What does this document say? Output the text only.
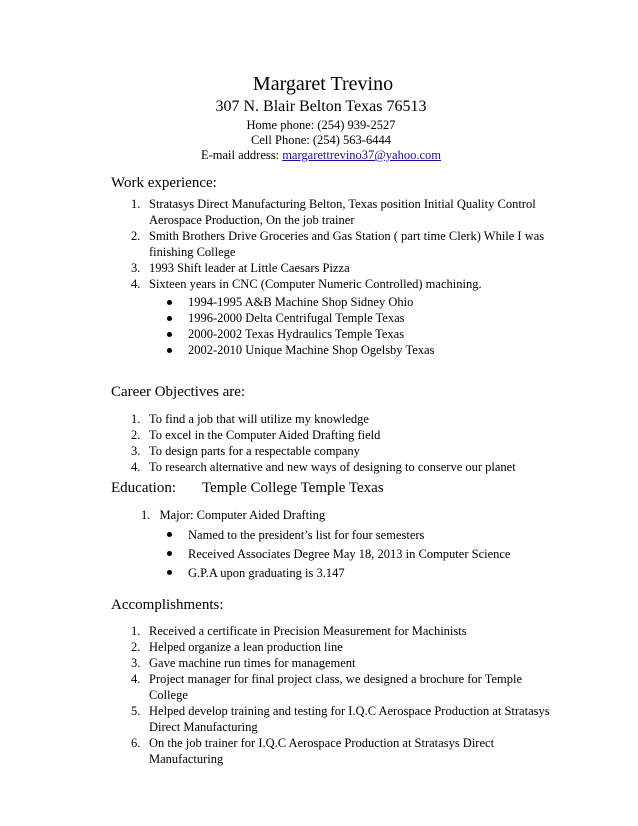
Margaret Trevino
307 N. Blair Belton Texas 76513
Home phone: (254) 939-2527
Cell Phone: (254) 563-6444
E-mail address: margarettrevino37@yahoo.com
Work experience:
1. Stratasys Direct Manufacturing Belton, Texas position Initial Quality Control Aerospace Production, On the job trainer
2. Smith Brothers Drive Groceries and Gas Station ( part time Clerk) While I was finishing College
3. 1993 Shift leader at Little Caesars Pizza
4. Sixteen years in CNC (Computer Numeric Controlled) machining.
1994-1995 A&B Machine Shop Sidney Ohio
1996-2000 Delta Centrifugal Temple Texas
2000-2002 Texas Hydraulics Temple Texas
2002-2010 Unique Machine Shop Ogelsby Texas
Career Objectives are:
1. To find a job that will utilize my knowledge
2. To excel in the Computer Aided Drafting field
3. To design parts for a respectable company
4. To research alternative and new ways of designing to conserve our planet
Education: Temple College Temple Texas
1. Major: Computer Aided Drafting
Named to the president’s list for four semesters
Received Associates Degree May 18, 2013 in Computer Science
G.P.A upon graduating is 3.147
Accomplishments:
1. Received a certificate in Precision Measurement for Machinists
2. Helped organize a lean production line
3. Gave machine run times for management
4. Project manager for final project class, we designed a brochure for Temple College
5. Helped develop training and testing for I.Q.C Aerospace Production at Stratasys Direct Manufacturing
6. On the job trainer for I.Q.C Aerospace Production at Stratasys Direct Manufacturing
